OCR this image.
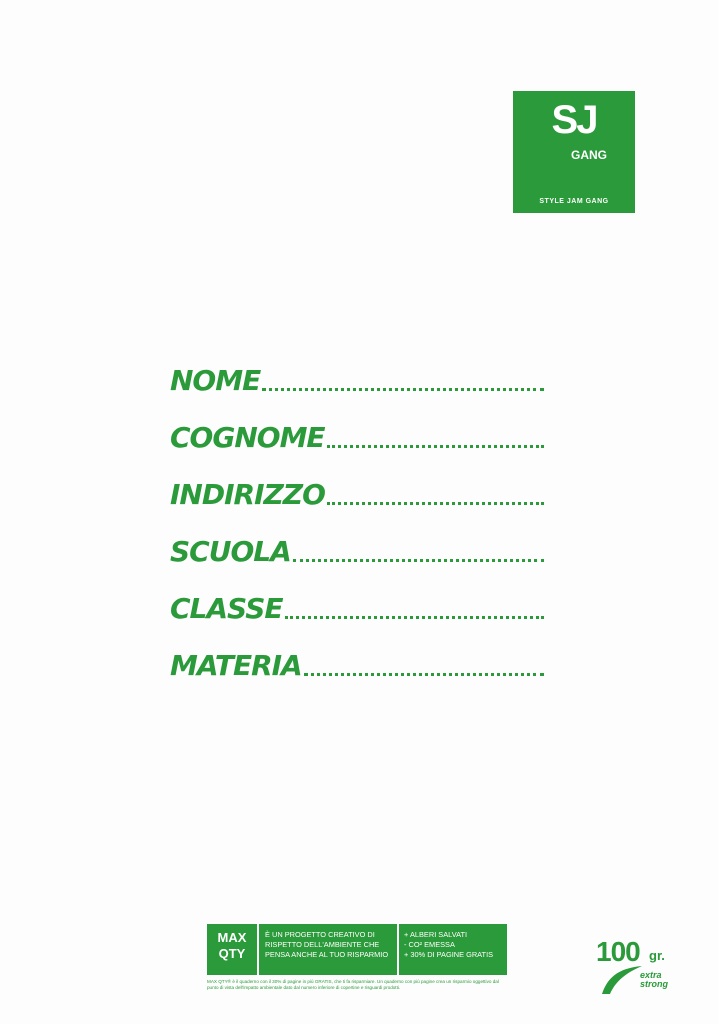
SJ
GANG
STYLE JAM GANG
NOME
COGNOME
INDIRIZZO
SCUOLA
CLASSE
MATERIA
MAX
QTY
È UN PROGETTO CREATIVO DI RISPETTO DELL'AMBIENTE CHE PENSA ANCHE AL TUO RISPARMIO
+ ALBERI SALVATI
- CO² EMESSA
+ 30% DI PAGINE GRATIS
MAX QTY® è il quaderno con il 30% di pagine in più GRATIS, che ti fa risparmiare. Un quaderno con più pagine crea un risparmio oggettivo dal punto di vista dell'impatto ambientale dato dal numero inferiore di copertine e risguardi prodotti.
100 gr.
extra
strong
